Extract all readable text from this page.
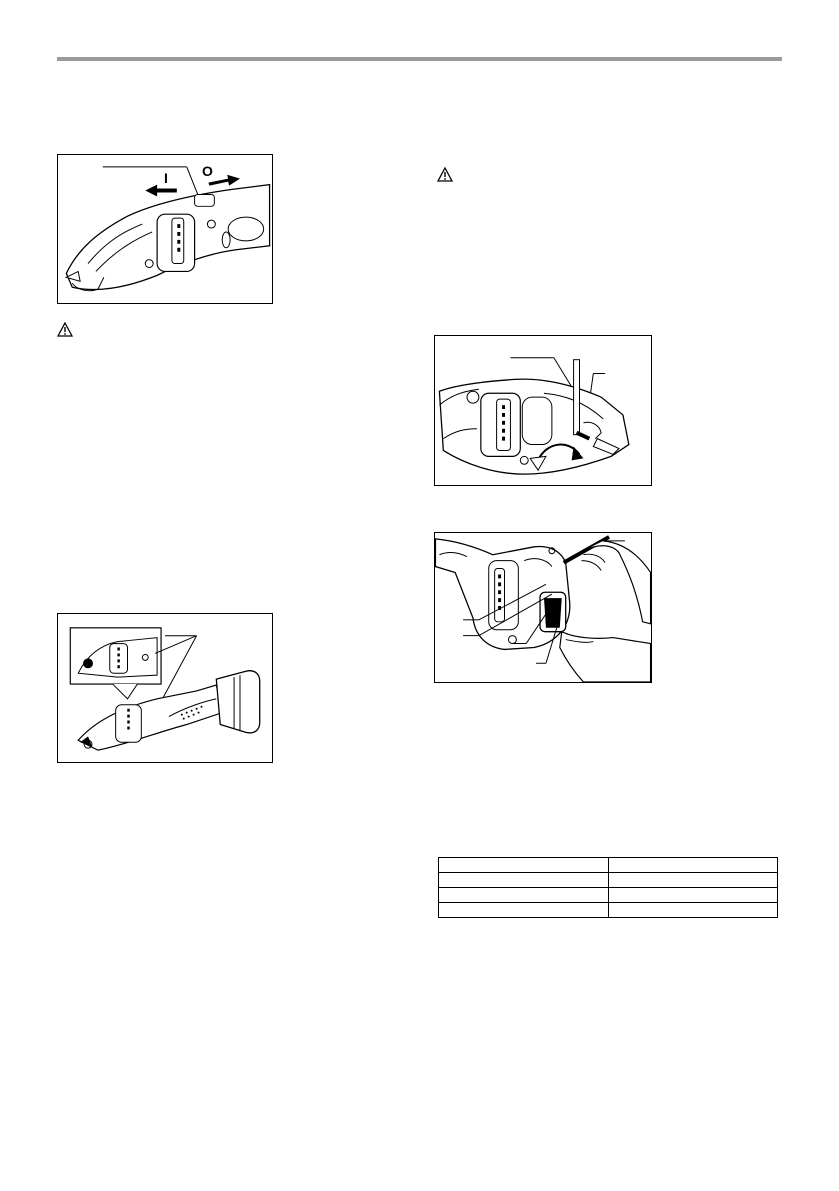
I O
